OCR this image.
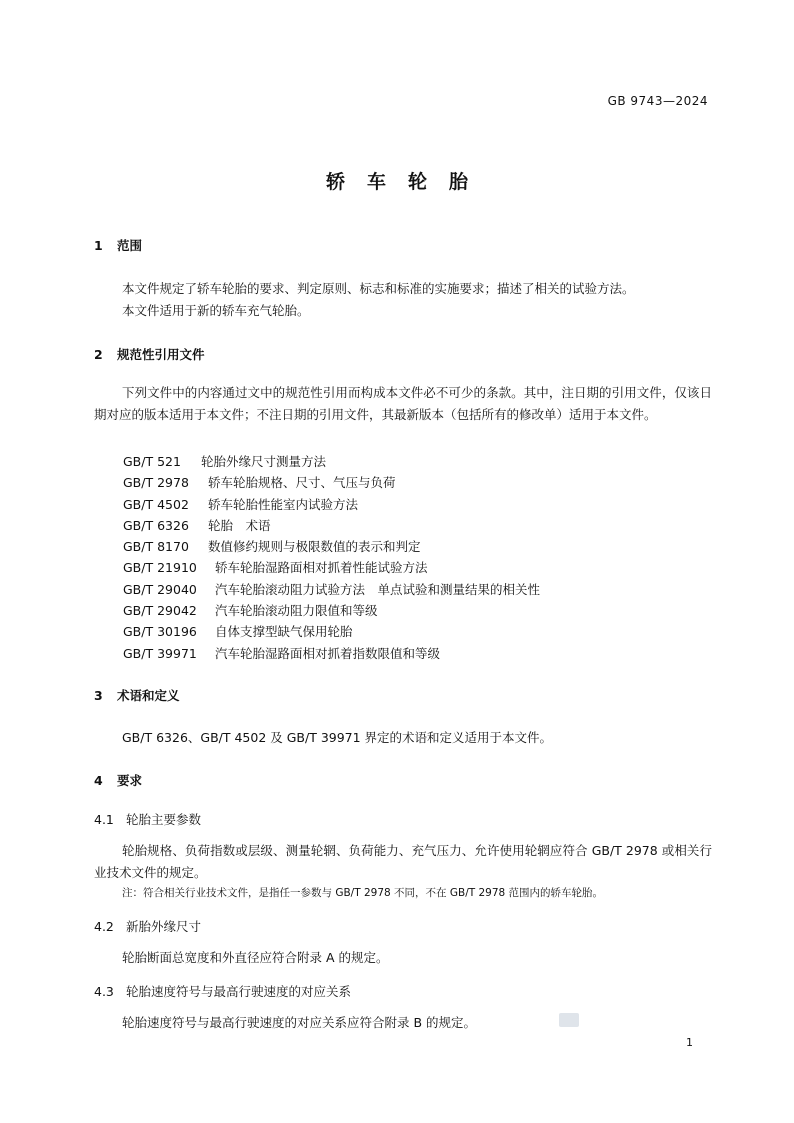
GB 9743—2024
轿车轮胎
1 范围
本文件规定了轿车轮胎的要求、判定原则、标志和标准的实施要求；描述了相关的试验方法。
本文件适用于新的轿车充气轮胎。
2 规范性引用文件
下列文件中的内容通过文中的规范性引用而构成本文件必不可少的条款。其中，注日期的引用文件，仅该日期对应的版本适用于本文件；不注日期的引用文件，其最新版本（包括所有的修改单）适用于本文件。
GB/T 521 轮胎外缘尺寸测量方法
GB/T 2978 轿车轮胎规格、尺寸、气压与负荷
GB/T 4502 轿车轮胎性能室内试验方法
GB/T 6326 轮胎　术语
GB/T 8170 数值修约规则与极限数值的表示和判定
GB/T 21910 轿车轮胎湿路面相对抓着性能试验方法
GB/T 29040 汽车轮胎滚动阻力试验方法　单点试验和测量结果的相关性
GB/T 29042 汽车轮胎滚动阻力限值和等级
GB/T 30196 自体支撑型缺气保用轮胎
GB/T 39971 汽车轮胎湿路面相对抓着指数限值和等级
3 术语和定义
GB/T 6326、GB/T 4502 及 GB/T 39971 界定的术语和定义适用于本文件。
4 要求
4.1 轮胎主要参数
轮胎规格、负荷指数或层级、测量轮辋、负荷能力、充气压力、允许使用轮辋应符合 GB/T 2978 或相关行业技术文件的规定。
注：符合相关行业技术文件，是指任一参数与 GB/T 2978 不同，不在 GB/T 2978 范围内的轿车轮胎。
4.2 新胎外缘尺寸
轮胎断面总宽度和外直径应符合附录 A 的规定。
4.3 轮胎速度符号与最高行驶速度的对应关系
轮胎速度符号与最高行驶速度的对应关系应符合附录 B 的规定。
1
